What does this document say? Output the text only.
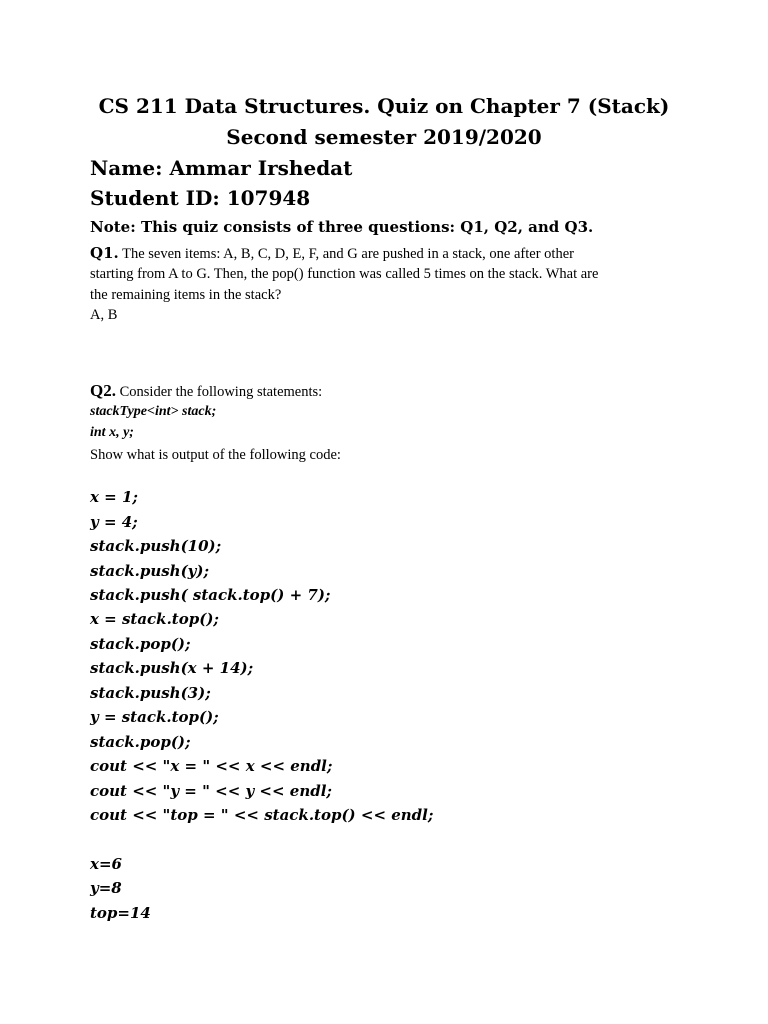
CS 211 Data Structures. Quiz on Chapter 7 (Stack)
Second semester 2019/2020
Name: Ammar Irshedat
Student ID: 107948
Note: This quiz consists of three questions: Q1, Q2, and Q3.
Q1. The seven items: A, B, C, D, E, F, and G are pushed in a stack, one after other
starting from A to G. Then, the pop() function was called 5 times on the stack. What are
the remaining items in the stack?
A, B
Q2. Consider the following statements:
stackType<int> stack;
int x, y;
Show what is output of the following code:
x = 1;
y = 4;
stack.push(10);
stack.push(y);
stack.push( stack.top() + 7);
x = stack.top();
stack.pop();
stack.push(x + 14);
stack.push(3);
y = stack.top();
stack.pop();
cout << "x = " << x << endl;
cout << "y = " << y << endl;
cout << "top = " << stack.top() << endl;
x=6
y=8
top=14
